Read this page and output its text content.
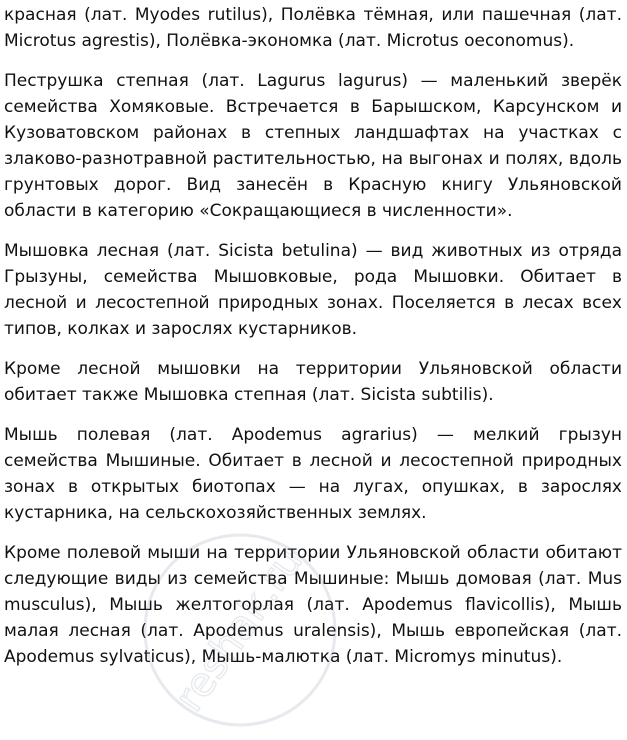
красная (лат. Myodes rutilus), Полёвка тёмная, или пашечная (лат. Microtus agrestis), Полёвка-экономка (лат. Microtus oeconomus).

Пеструшка степная (лат. Lagurus lagurus) — маленький зверёк семейства Хомяковые. Встречается в Барышском, Карсунском и Кузоватовском районах в степных ландшафтах на участках с злаково-разнотравной растительностью, на выгонах и полях, вдоль грунтовых дорог. Вид занесён в Красную книгу Ульяновской области в категорию «Сокращающиеся в численности».

Мышовка лесная (лат. Sicista betulina) — вид животных из отряда Грызуны, семейства Мышовковые, рода Мышовки. Обитает в лесной и лесостепной природных зонах. Поселяется в лесах всех типов, колках и зарослях кустарников.

Кроме лесной мышовки на территории Ульяновской области обитает также Мышовка степная (лат. Sicista subtilis).

Мышь полевая (лат. Apodemus agrarius) — мелкий грызун семейства Мышиные. Обитает в лесной и лесостепной природных зонах в открытых биотопах — на лугах, опушках, в зарослях кустарника, на сельскохозяйственных землях.

Кроме полевой мыши на территории Ульяновской области обитают следующие виды из семейства Мышиные: Мышь домовая (лат. Mus musculus), Мышь желтогорлая (лат. Apodemus flavicollis), Мышь малая лесная (лат. Apodemus uralensis), Мышь европейская (лат. Apodemus sylvaticus), Мышь-малютка (лат. Micromys minutus).

reshak.ru
